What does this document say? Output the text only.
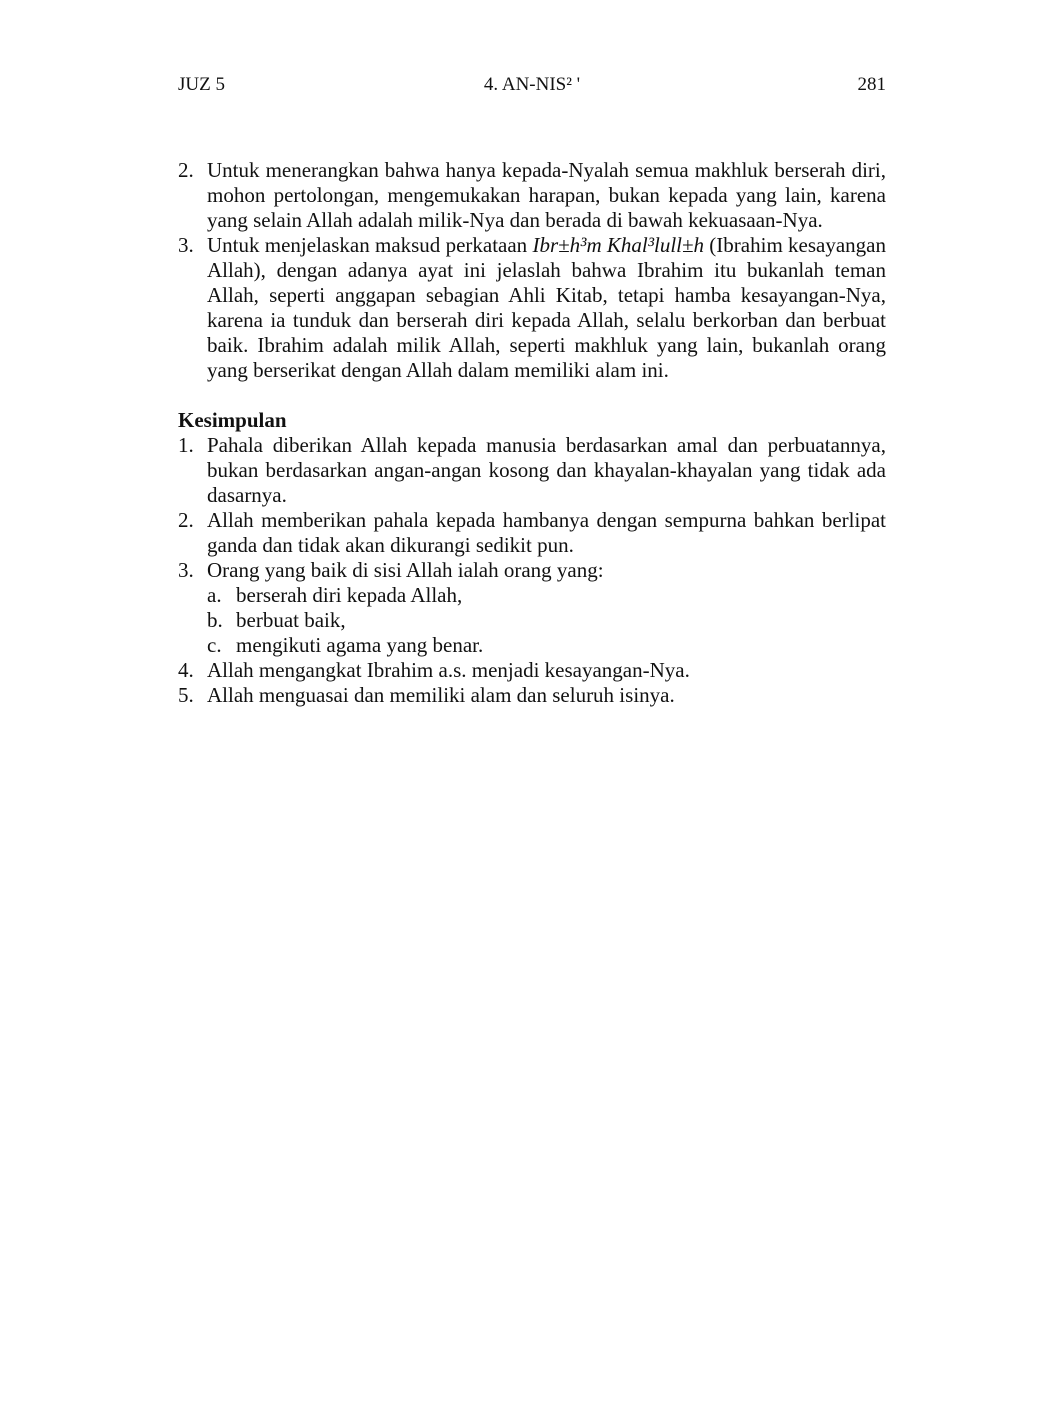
JUZ 5	4. AN-NIS² '	281
2. Untuk menerangkan bahwa hanya kepada-Nyalah semua makhluk berserah diri, mohon pertolongan, mengemukakan harapan, bukan kepada yang lain, karena yang selain Allah adalah milik-Nya dan berada di bawah kekuasaan-Nya.
3. Untuk menjelaskan maksud perkataan Ibr±h³m Khal³lull±h (Ibrahim kesayangan Allah), dengan adanya ayat ini jelaslah bahwa Ibrahim itu bukanlah teman Allah, seperti anggapan sebagian Ahli Kitab, tetapi hamba kesayangan-Nya, karena ia tunduk dan berserah diri kepada Allah, selalu berkorban dan berbuat baik. Ibrahim adalah milik Allah, seperti makhluk yang lain, bukanlah orang yang berserikat dengan Allah dalam memiliki alam ini.
Kesimpulan
1. Pahala diberikan Allah kepada manusia berdasarkan amal dan perbuatannya, bukan berdasarkan angan-angan kosong dan khayalan-khayalan yang tidak ada dasarnya.
2. Allah memberikan pahala kepada hambanya dengan sempurna bahkan berlipat ganda dan tidak akan dikurangi sedikit pun.
3. Orang yang baik di sisi Allah ialah orang yang:
a. berserah diri kepada Allah,
b. berbuat baik,
c. mengikuti agama yang benar.
4. Allah mengangkat Ibrahim a.s. menjadi kesayangan-Nya.
5. Allah menguasai dan memiliki alam dan seluruh isinya.
